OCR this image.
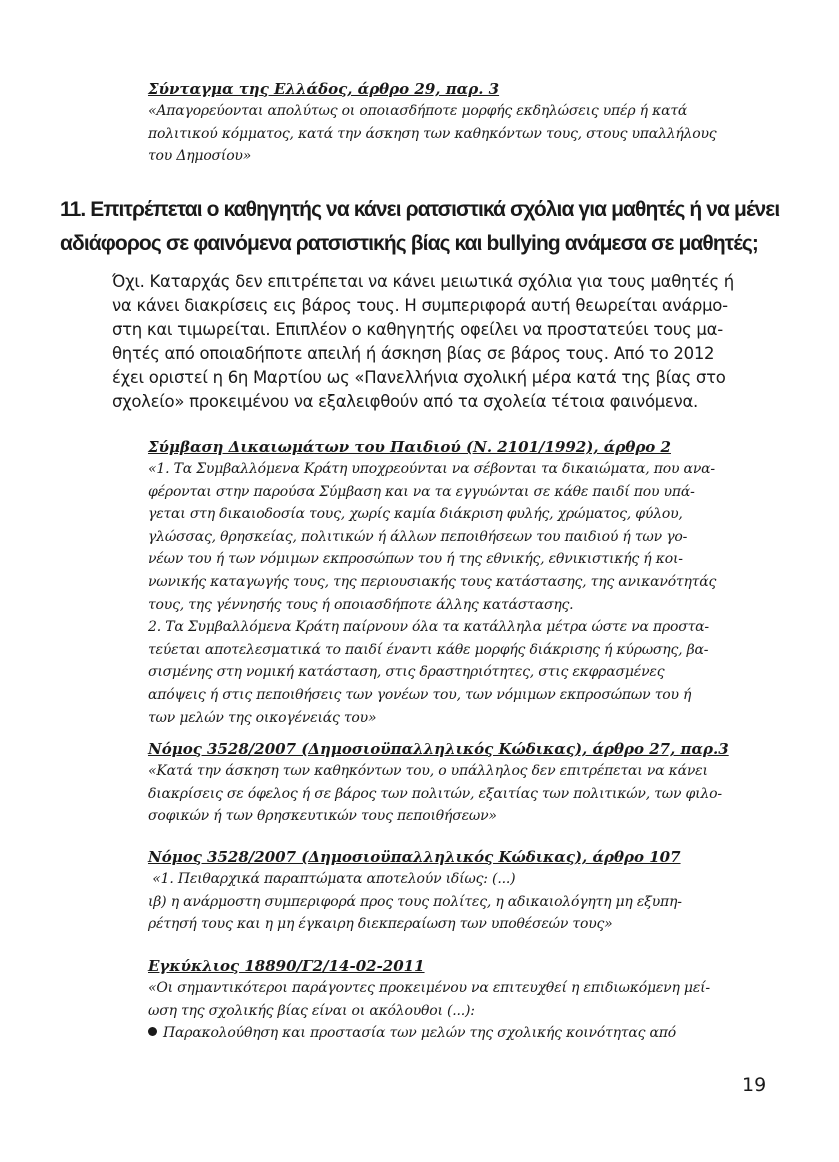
Σύνταγμα της Ελλάδος, άρθρο 29, παρ. 3
«Απαγορεύονται απολύτως οι οποιασδήποτε μορφής εκδηλώσεις υπέρ ή κατά
πολιτικού κόμματος, κατά την άσκηση των καθηκόντων τους, στους υπαλλήλους
του Δημοσίου»
11. Επιτρέπεται ο καθηγητής να κάνει ρατσιστικά σχόλια για μαθητές ή να μένει
αδιάφορος σε φαινόμενα ρατσιστικής βίας και bullying ανάμεσα σε μαθητές;
Όχι. Καταρχάς δεν επιτρέπεται να κάνει μειωτικά σχόλια για τους μαθητές ή
να κάνει διακρίσεις εις βάρος τους. Η συμπεριφορά αυτή θεωρείται ανάρμο-
στη και τιμωρείται. Επιπλέον ο καθηγητής οφείλει να προστατεύει τους μα-
θητές από οποιαδήποτε απειλή ή άσκηση βίας σε βάρος τους. Από το 2012
έχει οριστεί η 6η Μαρτίου ως «Πανελλήνια σχολική μέρα κατά της βίας στο
σχολείο» προκειμένου να εξαλειφθούν από τα σχολεία τέτοια φαινόμενα.
Σύμβαση Δικαιωμάτων του Παιδιού (Ν. 2101/1992), άρθρο 2
«1. Τα Συμβαλλόμενα Κράτη υποχρεούνται να σέβονται τα δικαιώματα, που ανα-
φέρονται στην παρούσα Σύμβαση και να τα εγγυώνται σε κάθε παιδί που υπά-
γεται στη δικαιοδοσία τους, χωρίς καμία διάκριση φυλής, χρώματος, φύλου,
γλώσσας, θρησκείας, πολιτικών ή άλλων πεποιθήσεων του παιδιού ή των γο-
νέων του ή των νόμιμων εκπροσώπων του ή της εθνικής, εθνικιστικής ή κοι-
νωνικής καταγωγής τους, της περιουσιακής τους κατάστασης, της ανικανότητάς
τους, της γέννησής τους ή οποιασδήποτε άλλης κατάστασης.
2. Τα Συμβαλλόμενα Κράτη παίρνουν όλα τα κατάλληλα μέτρα ώστε να προστα-
τεύεται αποτελεσματικά το παιδί έναντι κάθε μορφής διάκρισης ή κύρωσης, βα-
σισμένης στη νομική κατάσταση, στις δραστηριότητες, στις εκφρασμένες
απόψεις ή στις πεποιθήσεις των γονέων του, των νόμιμων εκπροσώπων του ή
των μελών της οικογένειάς του»
Νόμος 3528/2007 (Δημοσιοϋπαλληλικός Κώδικας), άρθρο 27, παρ.3
«Κατά την άσκηση των καθηκόντων του, ο υπάλληλος δεν επιτρέπεται να κάνει
διακρίσεις σε όφελος ή σε βάρος των πολιτών, εξαιτίας των πολιτικών, των φιλο-
σοφικών ή των θρησκευτικών τους πεποιθήσεων»
Νόμος 3528/2007 (Δημοσιοϋπαλληλικός Κώδικας), άρθρο 107
«1. Πειθαρχικά παραπτώματα αποτελούν ιδίως: (...)
ιβ) η ανάρμοστη συμπεριφορά προς τους πολίτες, η αδικαιολόγητη μη εξυπη-
ρέτησή τους και η μη έγκαιρη διεκπεραίωση των υποθέσεών τους»
Εγκύκλιος 18890/Γ2/14-02-2011
«Οι σημαντικότεροι παράγοντες προκειμένου να επιτευχθεί η επιδιωκόμενη μεί-
ωση της σχολικής βίας είναι οι ακόλουθοι (...):
Παρακολούθηση και προστασία των μελών της σχολικής κοινότητας από
19
